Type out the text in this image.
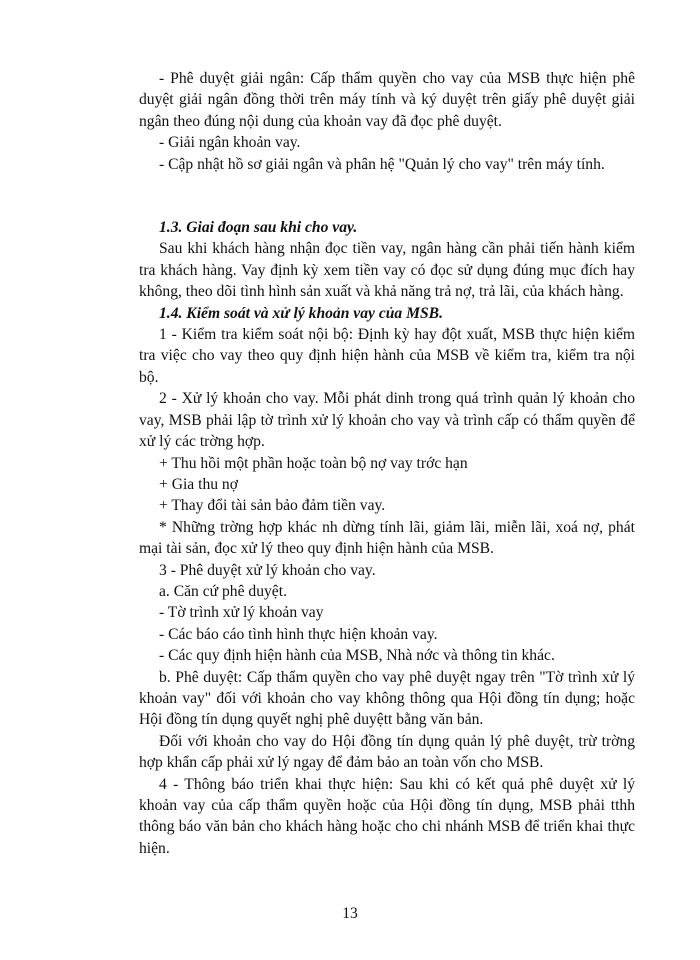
- Phê duyệt giải ngân: Cấp thẩm quyền cho vay của MSB thực hiện phê duyệt giải ngân đồng thời trên máy tính và ký duyệt trên giấy phê duyệt giải ngân theo đúng nội dung của khoản vay đã đọc phê duyệt.

- Giải ngân khoản vay.

- Cập nhật hồ sơ giải ngân và phân hệ "Quản lý cho vay" trên máy tính.

1.3. Giai đoạn sau khi cho vay.

Sau khi khách hàng nhận đọc tiền vay, ngân hàng cần phải tiến hành kiểm tra khách hàng. Vay định kỳ xem tiền vay có đọc sử dụng đúng mục đích hay không, theo dõi tình hình sản xuất và khả năng trả nợ, trả lãi, của khách hàng.

1.4. Kiểm soát và xử lý khoản vay của MSB.

1 - Kiểm tra kiểm soát nội bộ: Định kỳ hay đột xuất, MSB thực hiện kiểm tra việc cho vay theo quy định hiện hành của MSB về kiểm tra, kiểm tra nội bộ.

2 - Xử lý khoản cho vay. Mỗi phát dinh trong quá trình quản lý khoản cho vay, MSB phải lập tờ trình xử lý khoản cho vay và trình cấp có thẩm quyền để xử lý các trờng hợp.

+ Thu hồi một phần hoặc toàn bộ nợ vay trớc hạn

+ Gia thu nợ

+ Thay đổi tài sản bảo đảm tiền vay.

* Những trờng hợp khác nh dừng tính lãi, giảm lãi, miễn lãi, xoá nợ, phát mại tài sản, đọc xử lý theo quy định hiện hành của MSB.

3 - Phê duyệt xử lý khoản cho vay.

a. Căn cứ phê duyệt.

- Tờ trình xử lý khoản vay

- Các báo cáo tình hình thực hiện khoản vay.

- Các quy định hiện hành của MSB, Nhà nớc và thông tin khác.

b. Phê duyệt: Cấp thẩm quyền cho vay phê duyệt ngay trên "Tờ trình xử lý khoản vay" đối với khoản cho vay không thông qua Hội đồng tín dụng; hoặc Hội đồng tín dụng quyết nghị phê duyệtt bằng văn bản.

Đối với khoản cho vay do Hội đồng tín dụng quản lý phê duyệt, trừ trờng hợp khẩn cấp phải xử lý ngay để đảm bảo an toàn vốn cho MSB.

4 - Thông báo triển khai thực hiện: Sau khi có kết quả phê duyệt xử lý khoản vay của cấp thẩm quyền hoặc của Hội đồng tín dụng, MSB phải tthh thông báo văn bản cho khách hàng hoặc cho chi nhánh MSB để triển khai thực hiện.

13
